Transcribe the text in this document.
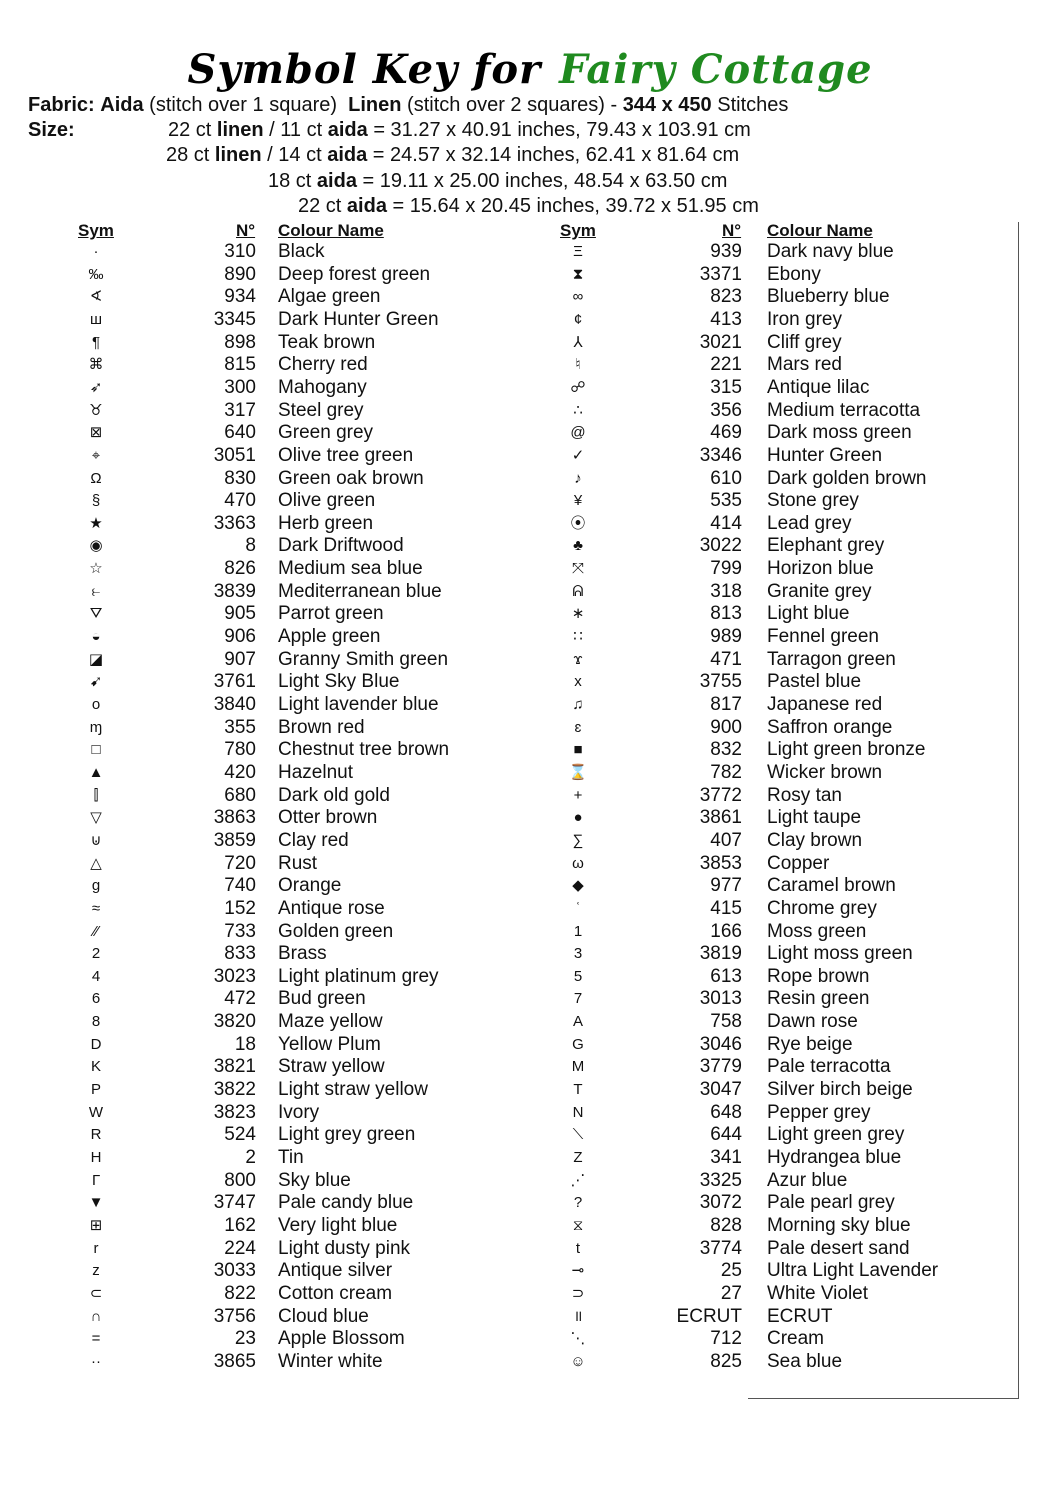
Symbol Key for Fairy Cottage
Fabric: Aida (stitch over 1 square) Linen (stitch over 2 squares) - 344 x 450 Stitches
Size:	22 ct linen / 11 ct aida = 31.27 x 40.91 inches, 79.43 x 103.91 cm
28 ct linen / 14 ct aida = 24.57 x 32.14 inches, 62.41 x 81.64 cm
18 ct aida = 19.11 x 25.00 inches, 48.54 x 63.50 cm
22 ct aida = 15.64 x 20.45 inches, 39.72 x 51.95 cm
Sym	N° Colour Name	Sym	N° Colour Name
·	310 Black
‰	890 Deep forest green
∢	934 Algae green
ш	3345 Dark Hunter Green
¶	898 Teak brown
⌘	815 Cherry red
➶	300 Mahogany
♉	317 Steel grey
⊠	640 Green grey
⌖	3051 Olive tree green
Ω	830 Green oak brown
§	470 Olive green
★	3363 Herb green
◉	8 Dark Driftwood
☆	826 Medium sea blue
⥼	3839 Mediterranean blue
⛛	905 Parrot green
◒	906 Apple green
◪	907 Granny Smith green
➹	3761 Light Sky Blue
o	3840 Light lavender blue
ɱ	355 Brown red
□	780 Chestnut tree brown
▲	420 Hazelnut
⫿	680 Dark old gold
▽	3863 Otter brown
⊍	3859 Clay red
△	720 Rust
g	740 Orange
≈	152 Antique rose
⁄⁄	733 Golden green
2	833 Brass
4	3023 Light platinum grey
6	472 Bud green
8	3820 Maze yellow
D	18 Yellow Plum
K	3821 Straw yellow
P	3822 Light straw yellow
W	3823 Ivory
R	524 Light grey green
H	2 Tin
Г	800 Sky blue
▼	3747 Pale candy blue
⊞	162 Very light blue
r	224 Light dusty pink
z	3033 Antique silver
⊂	822 Cotton cream
∩	3756 Cloud blue
=	23 Apple Blossom
··	3865 Winter white
Ξ	939 Dark navy blue
⧗	3371 Ebony
∞	823 Blueberry blue
¢	413 Iron grey
⅄	3021 Cliff grey
♮	221 Mars red
☍	315 Antique lilac
∴	356 Medium terracotta
@	469 Dark moss green
✓	3346 Hunter Green
♪	610 Dark golden brown
¥	535 Stone grey
⦿	414 Lead grey
♣	3022 Elephant grey
⤧	799 Horizon blue
ᕱ	318 Granite grey
∗	813 Light blue
∷	989 Fennel green
ϫ	471 Tarragon green
x	3755 Pastel blue
♫	817 Japanese red
ɛ	900 Saffron orange
■	832 Light green bronze
⌛	782 Wicker brown
+	3772 Rosy tan
●	3861 Light taupe
∑	407 Clay brown
ω	3853 Copper
◆	977 Caramel brown
ʿ	415 Chrome grey
1	166 Moss green
3	3819 Light moss green
5	613 Rope brown
7	3013 Resin green
A	758 Dawn rose
G	3046 Rye beige
M	3779 Pale terracotta
T	3047 Silver birch beige
N	648 Pepper grey
⟍	644 Light green grey
Z	341 Hydrangea blue
⋰	3325 Azur blue
?	3072 Pale pearl grey
⧖	828 Morning sky blue
t	3774 Pale desert sand
⊸	25 Ultra Light Lavender
⊃	27 White Violet
॥	ECRUT ECRUT
⋱	712 Cream
☺	825 Sea blue
